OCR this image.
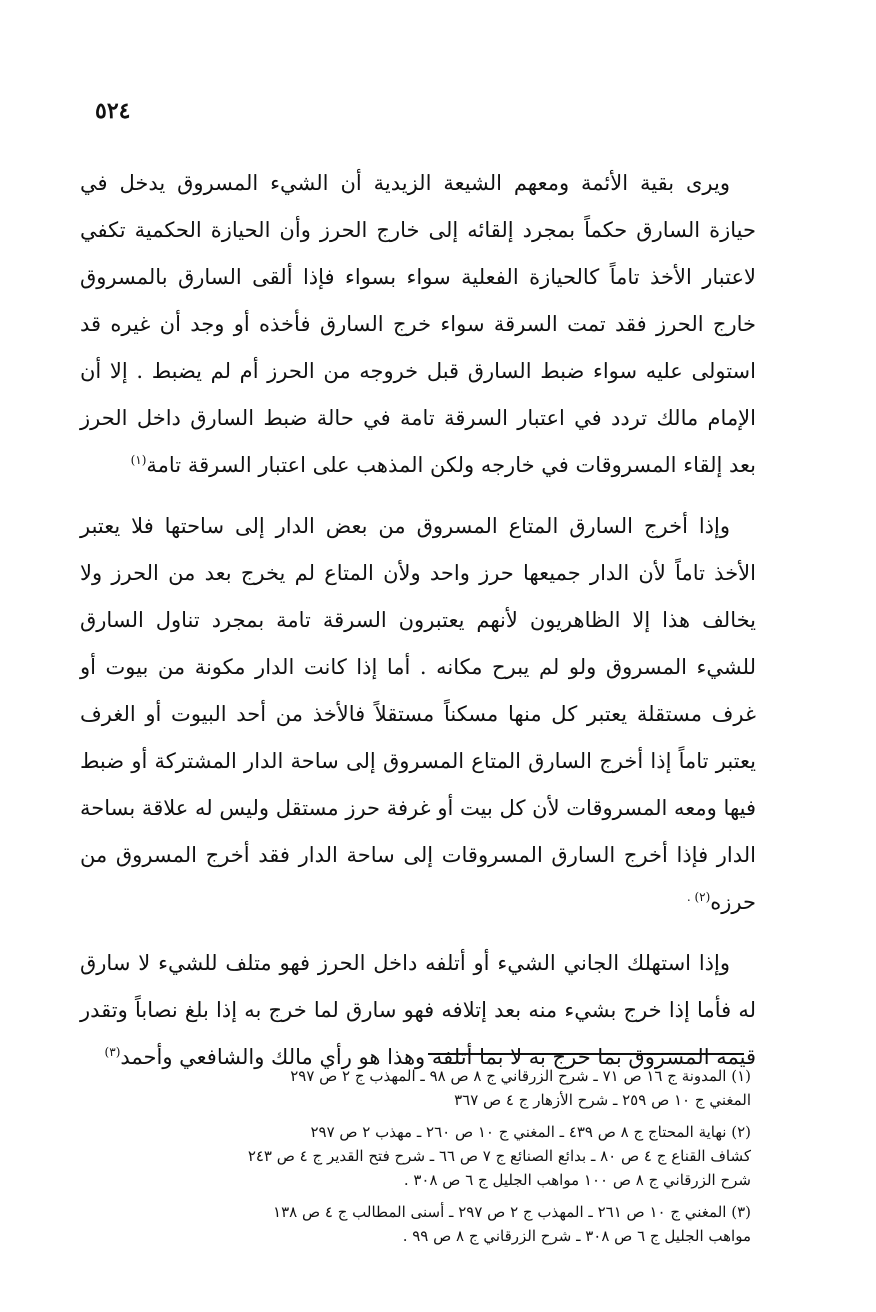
٥٢٤

ويرى بقية الأئمة ومعهم الشيعة الزيدية أن الشيء المسروق يدخل في حيازة السارق حكماً بمجرد إلقائه إلى خارج الحرز وأن الحيازة الحكمية تكفي لاعتبار الأخذ تاماً كالحيازة الفعلية سواء بسواء فإذا ألقى السارق بالمسروق خارج الحرز فقد تمت السرقة سواء خرج السارق فأخذه أو وجد أن غيره قد استولى عليه سواء ضبط السارق قبل خروجه من الحرز أم لم يضبط . إلا أن الإمام مالك تردد في اعتبار السرقة تامة في حالة ضبط السارق داخل الحرز بعد إلقاء المسروقات في خارجه ولكن المذهب على اعتبار السرقة تامة$^{(١)}$

وإذا أخرج السارق المتاع المسروق من بعض الدار إلى ساحتها فلا يعتبر الأخذ تاماً لأن الدار جميعها حرز واحد ولأن المتاع لم يخرج بعد من الحرز ولا يخالف هذا إلا الظاهريون لأنهم يعتبرون السرقة تامة بمجرد تناول السارق للشيء المسروق ولو لم يبرح مكانه . أما إذا كانت الدار مكونة من بيوت أو غرف مستقلة يعتبر كل منها مسكناً مستقلاً فالأخذ من أحد البيوت أو الغرف يعتبر تاماً إذا أخرج السارق المتاع المسروق إلى ساحة الدار المشتركة أو ضبط فيها ومعه المسروقات لأن كل بيت أو غرفة حرز مستقل وليس له علاقة بساحة الدار فإذا أخرج السارق المسروقات إلى ساحة الدار فقد أخرج المسروق من حرزه$^{(٢) .}$

وإذا استهلك الجاني الشيء أو أتلفه داخل الحرز فهو متلف للشيء لا سارق له فأما إذا خرج بشيء منه بعد إتلافه فهو سارق لما خرج به إذا بلغ نصاباً وتقدر قيمة المسروق بما خرج به لا بما أتلفه وهذا هو رأي مالك والشافعي وأحمد$^{(٣)}$

(١) المدونة ج ١٦ ص ٧١ ـ شرح الزرقاني ج ٨ ص ٩٨ ـ المهذب ج ٢ ص ٢٩٧
المغني ج ١٠ ص ٢٥٩ ـ شرح الأزهار ج ٤ ص ٣٦٧
(٢) نهاية المحتاج ج ٨ ص ٤٣٩ ـ المغني ج ١٠ ص ٢٦٠ ـ مهذب ٢ ص ٢٩٧
كشاف القناع ج ٤ ص ٨٠ ـ بدائع الصنائع ج ٧ ص ٦٦ ـ شرح فتح القدير ج ٤ ص ٢٤٣
شرح الزرقاني ج ٨ ص ١٠٠ مواهب الجليل ج ٦ ص ٣٠٨ .
(٣) المغني ج ١٠ ص ٢٦١ ـ المهذب ج ٢ ص ٢٩٧ ـ أسنى المطالب ج ٤ ص ١٣٨
مواهب الجليل ج ٦ ص ٣٠٨ ـ شرح الزرقاني ج ٨ ص ٩٩ .
